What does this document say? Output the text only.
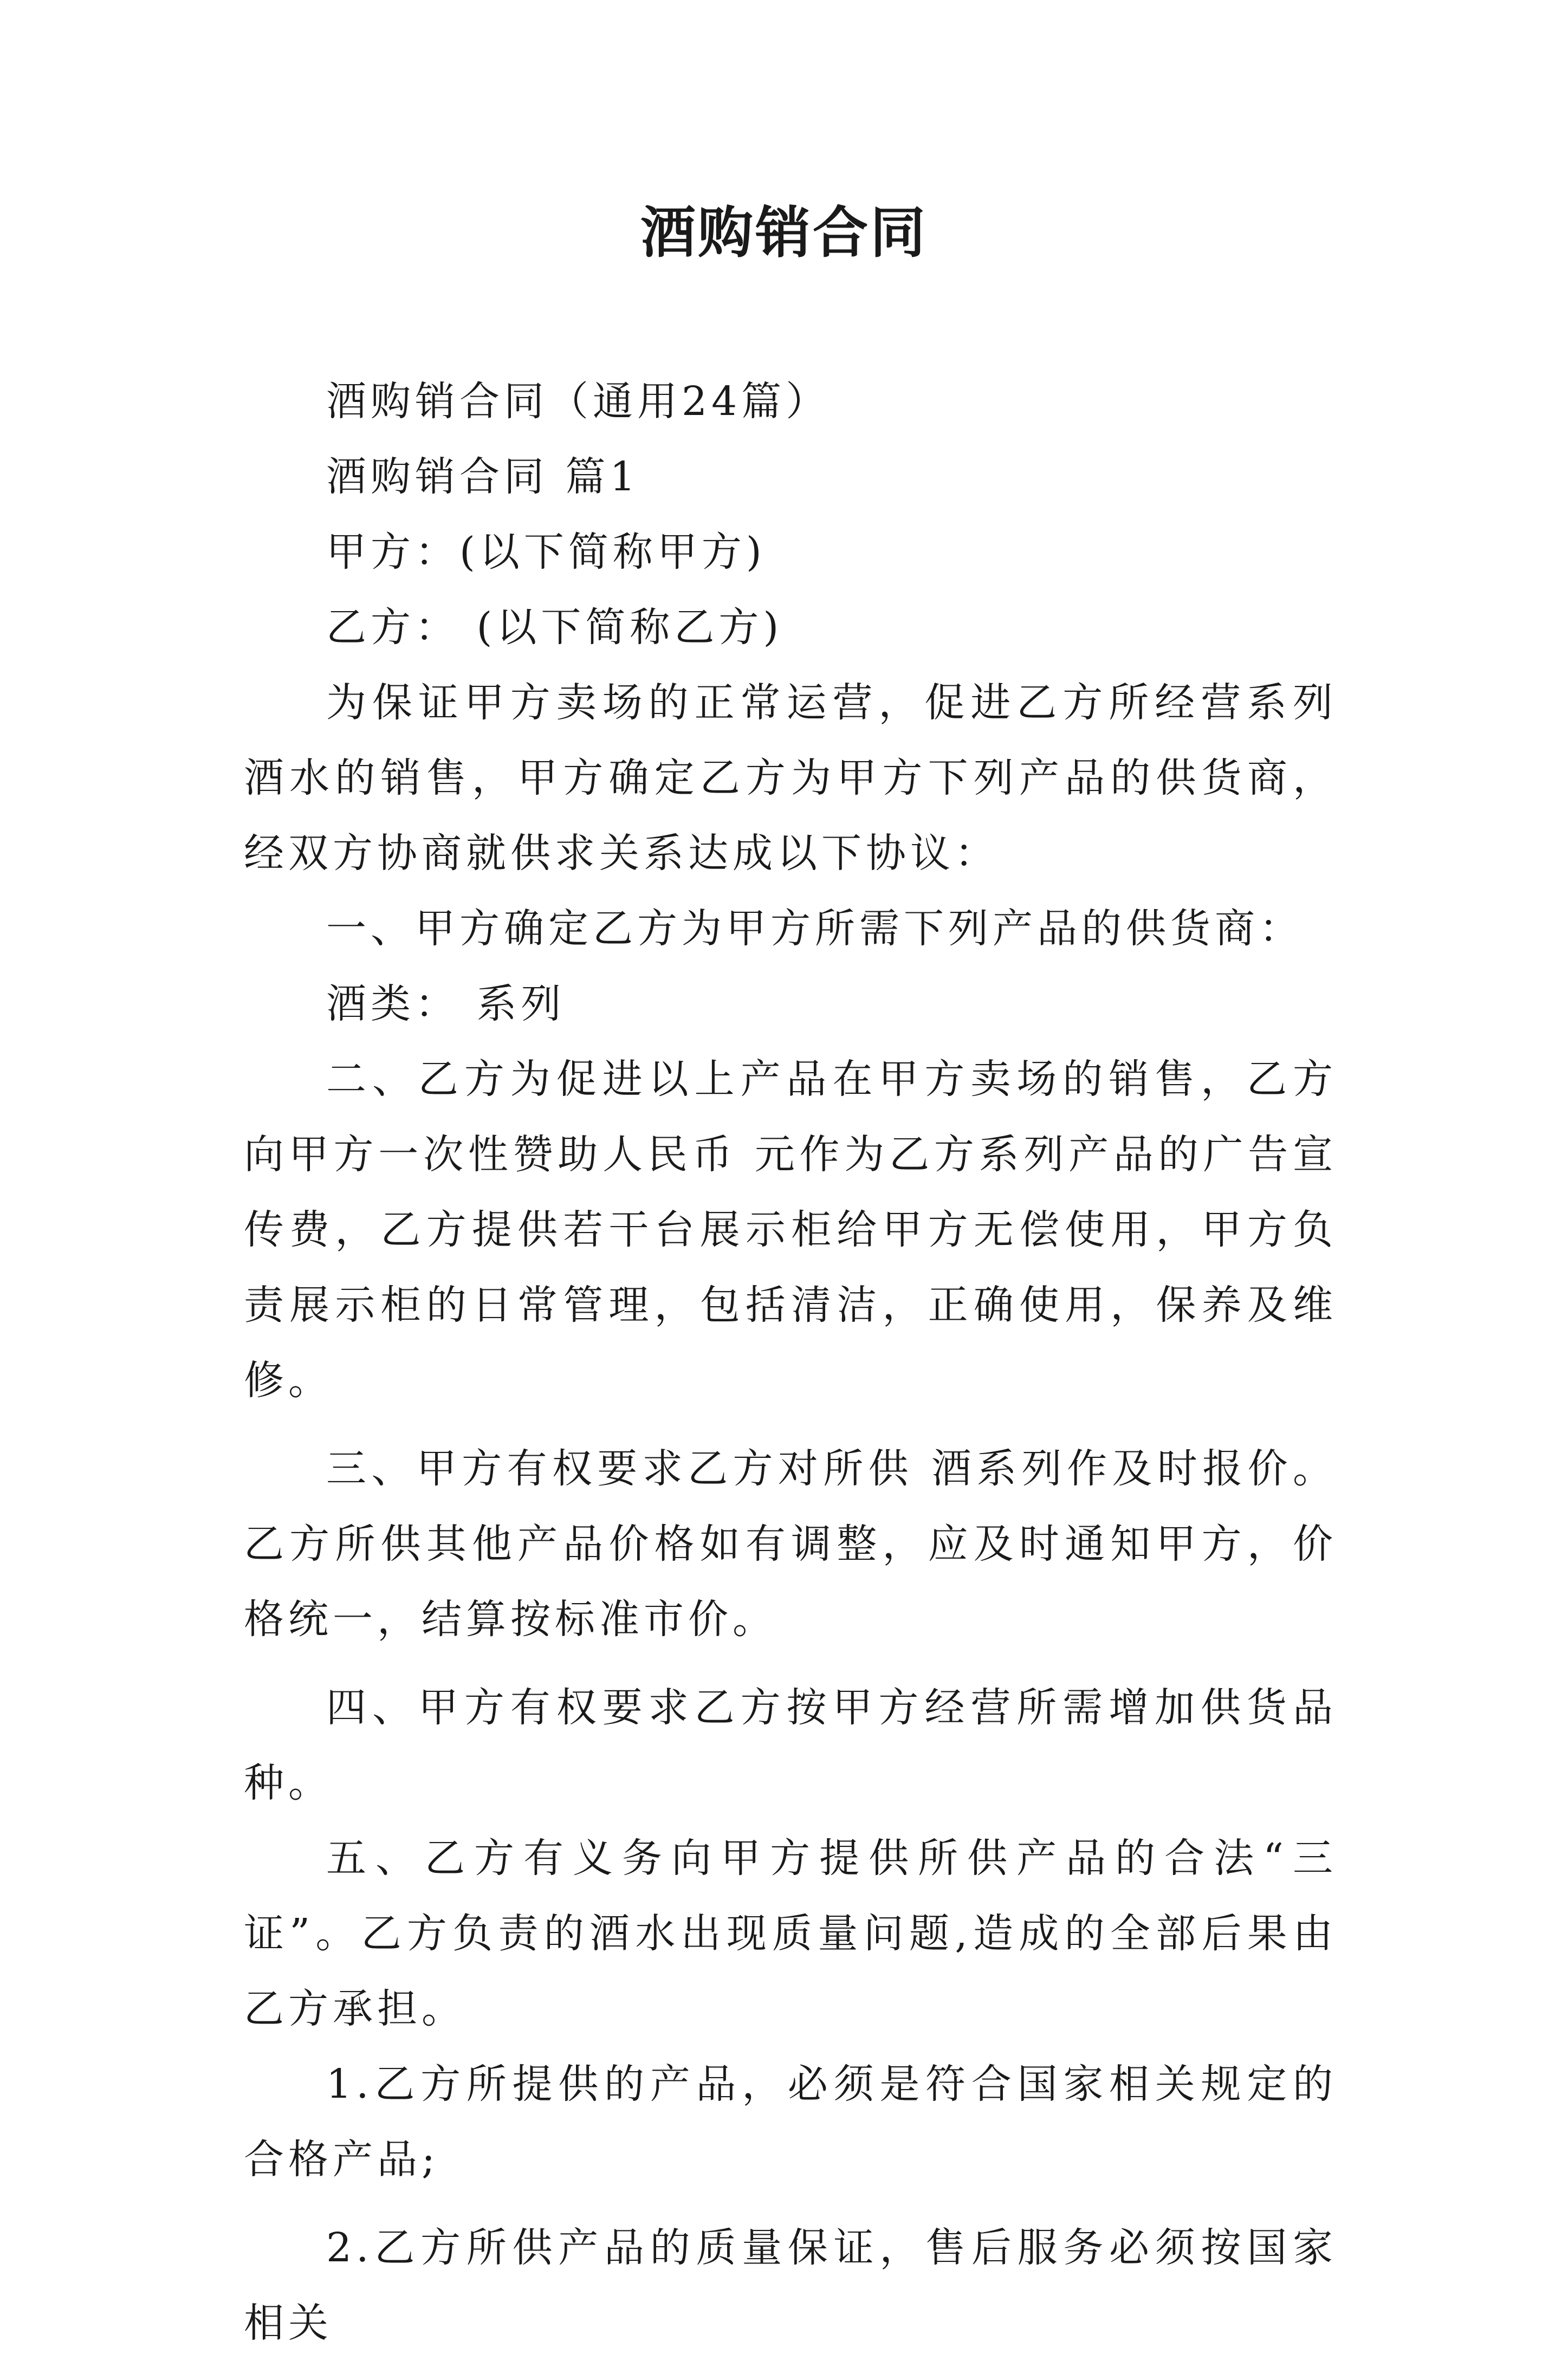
酒购销合同

酒购销合同（通用24篇）

酒购销合同 篇1

甲方：(以下简称甲方)

乙方： (以下简称乙方)

为保证甲方卖场的正常运营，促进乙方所经营系列酒水的销售，甲方确定乙方为甲方下列产品的供货商，经双方协商就供求关系达成以下协议：

一、甲方确定乙方为甲方所需下列产品的供货商：

酒类： 系列

二、乙方为促进以上产品在甲方卖场的销售，乙方向甲方一次性赞助人民币 元作为乙方系列产品的广告宣传费，乙方提供若干台展示柜给甲方无偿使用，甲方负责展示柜的日常管理，包括清洁，正确使用，保养及维修。

三、甲方有权要求乙方对所供 酒系列作及时报价。乙方所供其他产品价格如有调整，应及时通知甲方，价格统一，结算按标准市价。

四、甲方有权要求乙方按甲方经营所需增加供货品种。

五、乙方有义务向甲方提供所供产品的合法“三证”。乙方负责的酒水出现质量问题,造成的全部后果由乙方承担。

1.乙方所提供的产品，必须是符合国家相关规定的合格产品;

2.乙方所供产品的质量保证，售后服务必须按国家相关
